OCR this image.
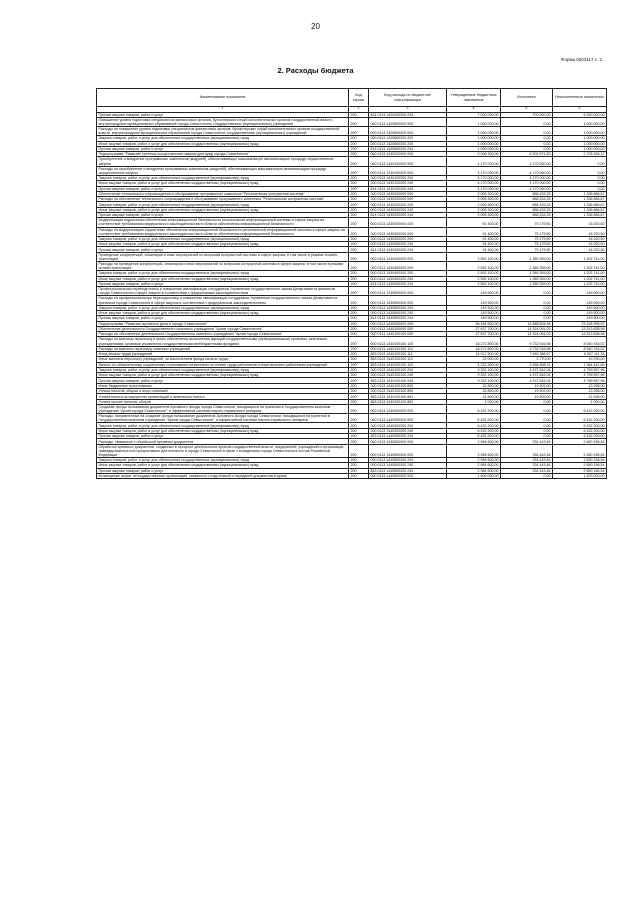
20
Форма 0503117 с. 2
2. Расходы бюджета
Наименование показателя	Код строки	Код расхода по бюджетной классификации	Утвержденные бюджетные назначения	Исполнено	Неисполненные назначения
1	2	3	4	5	6
Прочая закупка товаров, работ и услуг	200	814 0113 1420400200 244	7 000 000,00	700 000,00	6 300 000,00
Повышение уровня подготовки специалистов финансовых органов, бухгалтерских служб исполнительных органов государственной власти, внутригородских муниципальных образований города Севастополя, государственных (муниципальных) учреждений	200	000 0113 1420600000 000	1 000 000,00	0,00	1 000 000,00
Расходы на повышение уровня подготовки специалистов финансовых органов, бухгалтерских служб исполнительных органов государственной власти, внутригородских муниципальных образований города Севастополя, государственных (муниципальных) учреждений	200	000 0113 1420600200 000	1 000 000,00	0,00	1 000 000,00
Закупка товаров, работ и услуг для обеспечения государственных (муниципальных) нужд	200	000 0113 1420600200 200	1 000 000,00	0,00	1 000 000,00
Иные закупки товаров, работ и услуг для обеспечения государственных (муниципальных) нужд	200	000 0113 1420600200 240	1 000 000,00	0,00	1 000 000,00
Прочая закупка товаров, работ и услуг	200	814 0113 1420600200 244	1 000 000,00	0,00	1 000 000,00
Подпрограмма "Развитие системы осуществления закупок для нужд города Севастополя"	200	000 0113 1430000000 000	9 008 300,00	6 302 971,83	2 705 328,17
Приобретение и внедрение программных комплексов (модулей), обеспечивающих максимальную автоматизацию процедур осуществления закупок	200	000 0113 1430100000 000	4 170 000,00	4 170 000,00	0,00
Расходы на приобретение и внедрение программных комплексов (модулей), обеспечивающих максимальную автоматизацию процедур осуществления закупок	200	000 0113 1430100200 000	4 170 000,00	4 170 000,00	0,00
Закупка товаров, работ и услуг для обеспечения государственных (муниципальных) нужд	200	000 0113 1430100200 200	4 170 000,00	4 170 000,00	0,00
Иные закупки товаров, работ и услуг для обеспечения государственных (муниципальных) нужд	200	000 0113 1430100200 240	4 170 000,00	4 170 000,00	0,00
Прочая закупка товаров, работ и услуг	200	814 0113 1430100200 244	4 170 000,00	4 170 000,00	0,00
Обеспечение технического сопровождения и обслуживание программного комплекса "Региональная контрактная система"	200	000 0113 1430200000 000	2 005 300,00	668 433,33	1 336 866,67
Расходы на обеспечение технического сопровождения и обслуживание программного комплекса "Региональная контрактная система"	200	000 0113 1430200200 000	2 005 300,00	668 433,33	1 336 866,67
Закупка товаров, работ и услуг для обеспечения государственных (муниципальных) нужд	200	000 0113 1430200200 200	2 005 300,00	668 433,33	1 336 866,67
Иные закупки товаров, работ и услуг для обеспечения государственных (муниципальных) нужд	200	000 0113 1430200200 240	2 005 300,00	668 433,33	1 336 866,67
Прочая закупка товаров, работ и услуг	200	814 0113 1430200200 244	2 005 300,00	668 433,33	1 336 866,67
Модернизация подсистемы обеспечения информационной безопасности региональной информационной системы в сфере закупок на соответствие требованиям федерального законодательства в области обеспечения информационной безопасности	200	000 0113 1430300000 000	91 400,00	75 179,50	16 220,50
Расходы на модернизацию подсистемы обеспечения информационной безопасности региональной информационной системы в сфере закупок на соответствие требованиям федерального законодательства в области обеспечения информационной безопасности	200	000 0113 1430300200 000	91 400,00	75 179,50	16 220,50
Закупка товаров, работ и услуг для обеспечения государственных (муниципальных) нужд	200	000 0113 1430300200 200	91 400,00	75 179,50	16 220,50
Иные закупки товаров, работ и услуг для обеспечения государственных (муниципальных) нужд	200	000 0113 1430300200 240	91 400,00	75 179,50	16 220,50
Прочая закупка товаров, работ и услуг	200	814 0113 1430300200 244	91 400,00	75 179,50	16 220,50
Проведение конференций, семинаров и иных мероприятий по вопросам контрактной системы в сфере закупок, в том числе в режиме онлайн-трансляции	200	000 0113 1430400000 000	2 592 100,00	1 389 359,00	1 202 741,00
Расходы на проведение конференций, семинаров и иных мероприятий по вопросам контрактной системы в сфере закупок, в том числе в режиме онлайн-трансляции	200	000 0113 1430400200 000	2 592 100,00	1 389 359,00	1 202 741,00
Закупка товаров, работ и услуг для обеспечения государственных (муниципальных) нужд	200	000 0113 1430400200 200	2 592 100,00	1 389 359,00	1 202 741,00
Иные закупки товаров, работ и услуг для обеспечения государственных (муниципальных) нужд	200	000 0113 1430400200 240	2 592 100,00	1 389 359,00	1 202 741,00
Прочая закупка товаров, работ и услуг	200	814 0113 1430400200 244	2 592 100,00	1 389 359,00	1 202 741,00
Профессиональная переподготовка и повышение квалификации сотрудников Управления государственного заказа Департамента финансов города Севастополя и сфере закупок в соответствии с федеральным законодательством	200	000 0113 1430500000 000	149 500,00	0,00	149 500,00
Расходы на профессиональную переподготовку и повышение квалификации сотрудников Управления государственного заказа Департамента финансов города Севастополя в сфере закупок в соответствии с федеральным законодательством	200	000 0113 1430500200 000	149 500,00	0,00	149 500,00
Закупка товаров, работ и услуг для обеспечения государственных (муниципальных) нужд	200	000 0113 1430500200 200	149 500,00	0,00	149 500,00
Иные закупки товаров, работ и услуг для обеспечения государственных (муниципальных) нужд	200	000 0113 1430500200 240	149 500,00	0,00	149 500,00
Прочая закупка товаров, работ и услуг	200	814 0113 1430500200 244	149 500,00	0,00	149 500,00
Подпрограмма "Развитие архивного дела в городе Севастополе"	200	000 0113 1440000000 000	38 454 500,00	14 888 504,48	23 195 995,52
Обеспечение деятельности Государственного казенного учреждения "Архив города Севастополя"	200	000 0113 1440100000 000	27 637 700,00	14 324 061,02	13 313 638,98
Расходы на обеспечение деятельности Государственного казенного учреждения "Архив города Севастополя"	200	000 0113 1440100100 000	27 637 700,00	14 324 061,02	13 313 638,98
Расходы на выплаты персоналу в целях обеспечения выполнения функций государственными (муниципальными) органами, казенными учреждениями, органами управления государственными внебюджетными фондами	200	000 0113 1440100100 100	18 272 800,00	9 732 016,98	8 540 783,02
Расходы на выплаты персоналу казенных учреждений	200	000 0113 1440100100 110	18 272 800,00	9 732 016,98	8 540 783,02
Фонд оплаты труда учреждений	200	853 0113 1440100100 111	14 017 500,00	7 460 388,67	6 557 111,33
Иные выплаты персоналу учреждений, за исключением фонда оплаты труда	200	853 0113 1440100100 112	22 000,00	2 770,00	19 230,00
Взносы по обязательному социальному страхованию на выплаты по оплате труда работников и иные выплаты работникам учреждений	200	853 0113 1440100100 119	4 233 300,00	2 268 858,31	1 964 441,69
Закупка товаров, работ и услуг для обеспечения государственных (муниципальных) нужд	200	000 0113 1440100100 200	9 332 100,00	4 572 542,04	4 759 557,96
Иные закупки товаров, работ и услуг для обеспечения государственных (муниципальных) нужд	200	000 0113 1440100100 240	9 332 100,00	4 572 542,04	4 759 557,96
Прочая закупка товаров, работ и услуг	200	853 0113 1440100100 244	9 332 100,00	4 572 542,04	4 759 557,96
Иные бюджетные ассигнования	200	000 0113 1440100100 800	32 800,00	19 502,00	13 298,00
Уплата налогов, сборов и иных платежей	200	000 0113 1440100100 850	32 800,00	19 502,00	13 298,00
Уплата налога на имущество организаций и земельного налога	200	853 0113 1440100100 851	31 800,00	19 502,00	12 298,00
Уплата прочих налогов, сборов	200	853 0113 1440100100 852	1 000,00	0,00	1 000,00
Создание фонда пользования документов Архивного фонда города Севастополя, находящихся на хранении в Государственном казенном учреждении "Архив города Севастополя", и эффективной системы научно-справочного аппарата	200	000 0113 1440300000 000	6 432 200,00	0,00	6 432 200,00
Расходы, направленные на создание фонда пользования документов Архивного фонда города Севастополя, находящихся на хранении в Государственном казенном учреждении "Архив города Севастополя", и эффективной системы научно-справочного аппарата	200	000 0113 1440300200 000	6 432 200,00	0,00	6 432 200,00
Закупка товаров, работ и услуг для обеспечения государственных (муниципальных) нужд	200	000 0113 1440300200 200	6 432 200,00	0,00	6 432 200,00
Иные закупки товаров, работ и услуг для обеспечения государственных (муниципальных) нужд	200	000 0113 1440300200 240	6 432 200,00	0,00	6 432 200,00
Прочая закупка товаров, работ и услуг	200	853 0113 1440300200 244	6 432 200,00	0,00	6 432 200,00
Расходы, связанные с обработкой архивных документов	200	000 0113 1440500000 000	2 984 600,00	334 443,46	2 650 156,54
Обработка архивных документов, созданных в процессе деятельности органов государственной власти, предприятий, учреждений и организаций, ликвидированных или прекративших деятельность в городе Севастополе в связи с вхождением города Севастополя в состав Российской Федерации	200	000 0113 1440500200 000	2 984 600,00	334 443,46	2 650 156,54
Закупка товаров, работ и услуг для обеспечения государственных (муниципальных) нужд	200	000 0113 1440500200 200	2 984 600,00	334 443,46	2 650 156,54
Иные закупки товаров, работ и услуг для обеспечения государственных (муниципальных) нужд	200	000 0113 1440500200 240	2 984 600,00	334 443,46	2 650 156,54
Прочая закупка товаров, работ и услуг	200	853 0113 1440500200 244	2 984 600,00	334 443,46	2 650 156,54
Возмещение затрат негосударственных организаций, связанных с подготовкой и передачей документов в архив	200	000 0113 1440600000 000	1 400 000,00	0,00	1 400 000,00
